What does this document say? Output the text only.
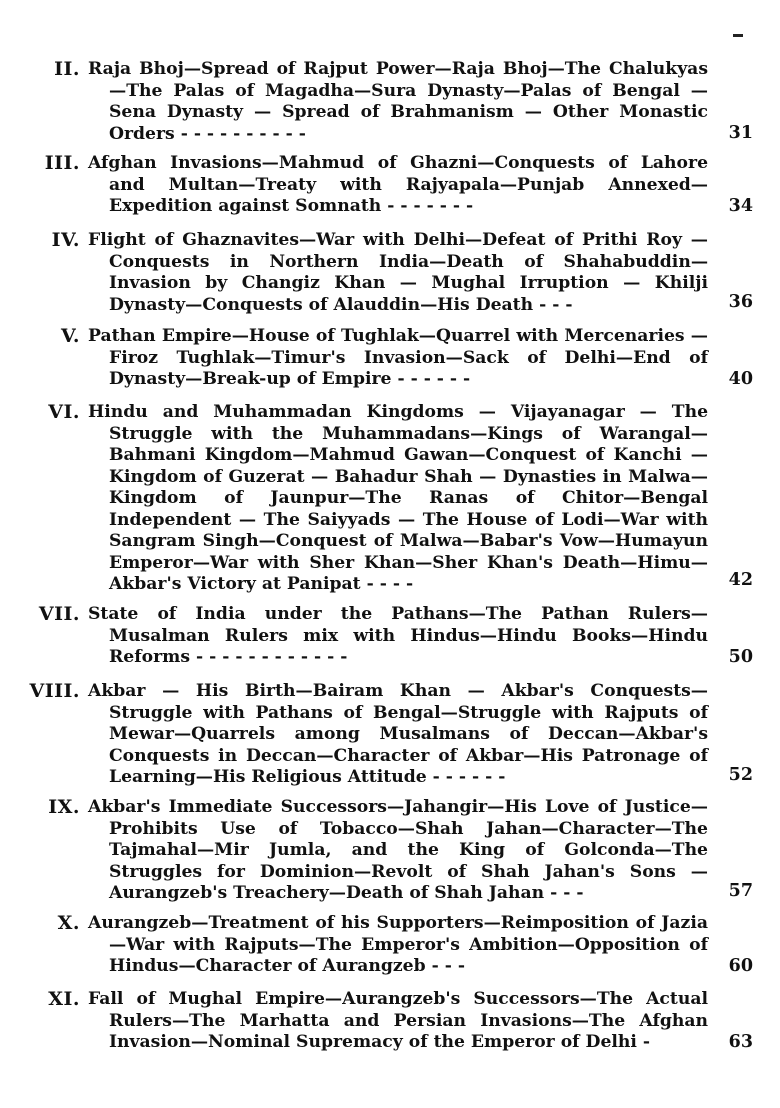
II. Raja Bhoj—Spread of Rajput Power—Raja Bhoj—The Chalukyas—The Palas of Magadha—Sura Dynasty—Palas of Bengal — Sena Dynasty — Spread of Brahmanism — Other Monastic Orders - - - - - - - - - -	31
III. Afghan Invasions—Mahmud of Ghazni—Conquests of Lahore and Multan—Treaty with Rajyapala—Punjab Annexed—Expedition against Somnath - - - - - - -	34
IV. Flight of Ghaznavites—War with Delhi—Defeat of Prithi Roy —Conquests in Northern India—Death of Shahabuddin—Invasion by Changiz Khan — Mughal Irruption — Khilji Dynasty—Conquests of Alauddin—His Death - - -	36
V. Pathan Empire—House of Tughlak—Quarrel with Mercenaries —Firoz Tughlak—Timur's Invasion—Sack of Delhi—End of Dynasty—Break-up of Empire - - - - - -	40
VI. Hindu and Muhammadan Kingdoms — Vijayanagar — The Struggle with the Muhammadans—Kings of Warangal—Bahmani Kingdom—Mahmud Gawan—Conquest of Kanchi —Kingdom of Guzerat — Bahadur Shah — Dynasties in Malwa—Kingdom of Jaunpur—The Ranas of Chitor—Bengal Independent — The Saiyyads — The House of Lodi—War with Sangram Singh—Conquest of Malwa—Babar's Vow—Humayun Emperor—War with Sher Khan—Sher Khan's Death—Himu—Akbar's Victory at Panipat - - - -	42
VII. State of India under the Pathans—The Pathan Rulers—Musalman Rulers mix with Hindus—Hindu Books—Hindu Reforms - - - - - - - - - - - -	50
VIII. Akbar — His Birth—Bairam Khan — Akbar's Conquests—Struggle with Pathans of Bengal—Struggle with Rajputs of Mewar—Quarrels among Musalmans of Deccan—Akbar's Conquests in Deccan—Character of Akbar—His Patronage of Learning—His Religious Attitude - - - - - -	52
IX. Akbar's Immediate Successors—Jahangir—His Love of Justice—Prohibits Use of Tobacco—Shah Jahan—Character—The Tajmahal—Mir Jumla, and the King of Golconda—The Struggles for Dominion—Revolt of Shah Jahan's Sons —Aurangzeb's Treachery—Death of Shah Jahan - - -	57
X. Aurangzeb—Treatment of his Supporters—Reimposition of Jazia—War with Rajputs—The Emperor's Ambition—Opposition of Hindus—Character of Aurangzeb - - -	60
XI. Fall of Mughal Empire—Aurangzeb's Successors—The Actual Rulers—The Marhatta and Persian Invasions—The Afghan Invasion—Nominal Supremacy of the Emperor of Delhi -	63
